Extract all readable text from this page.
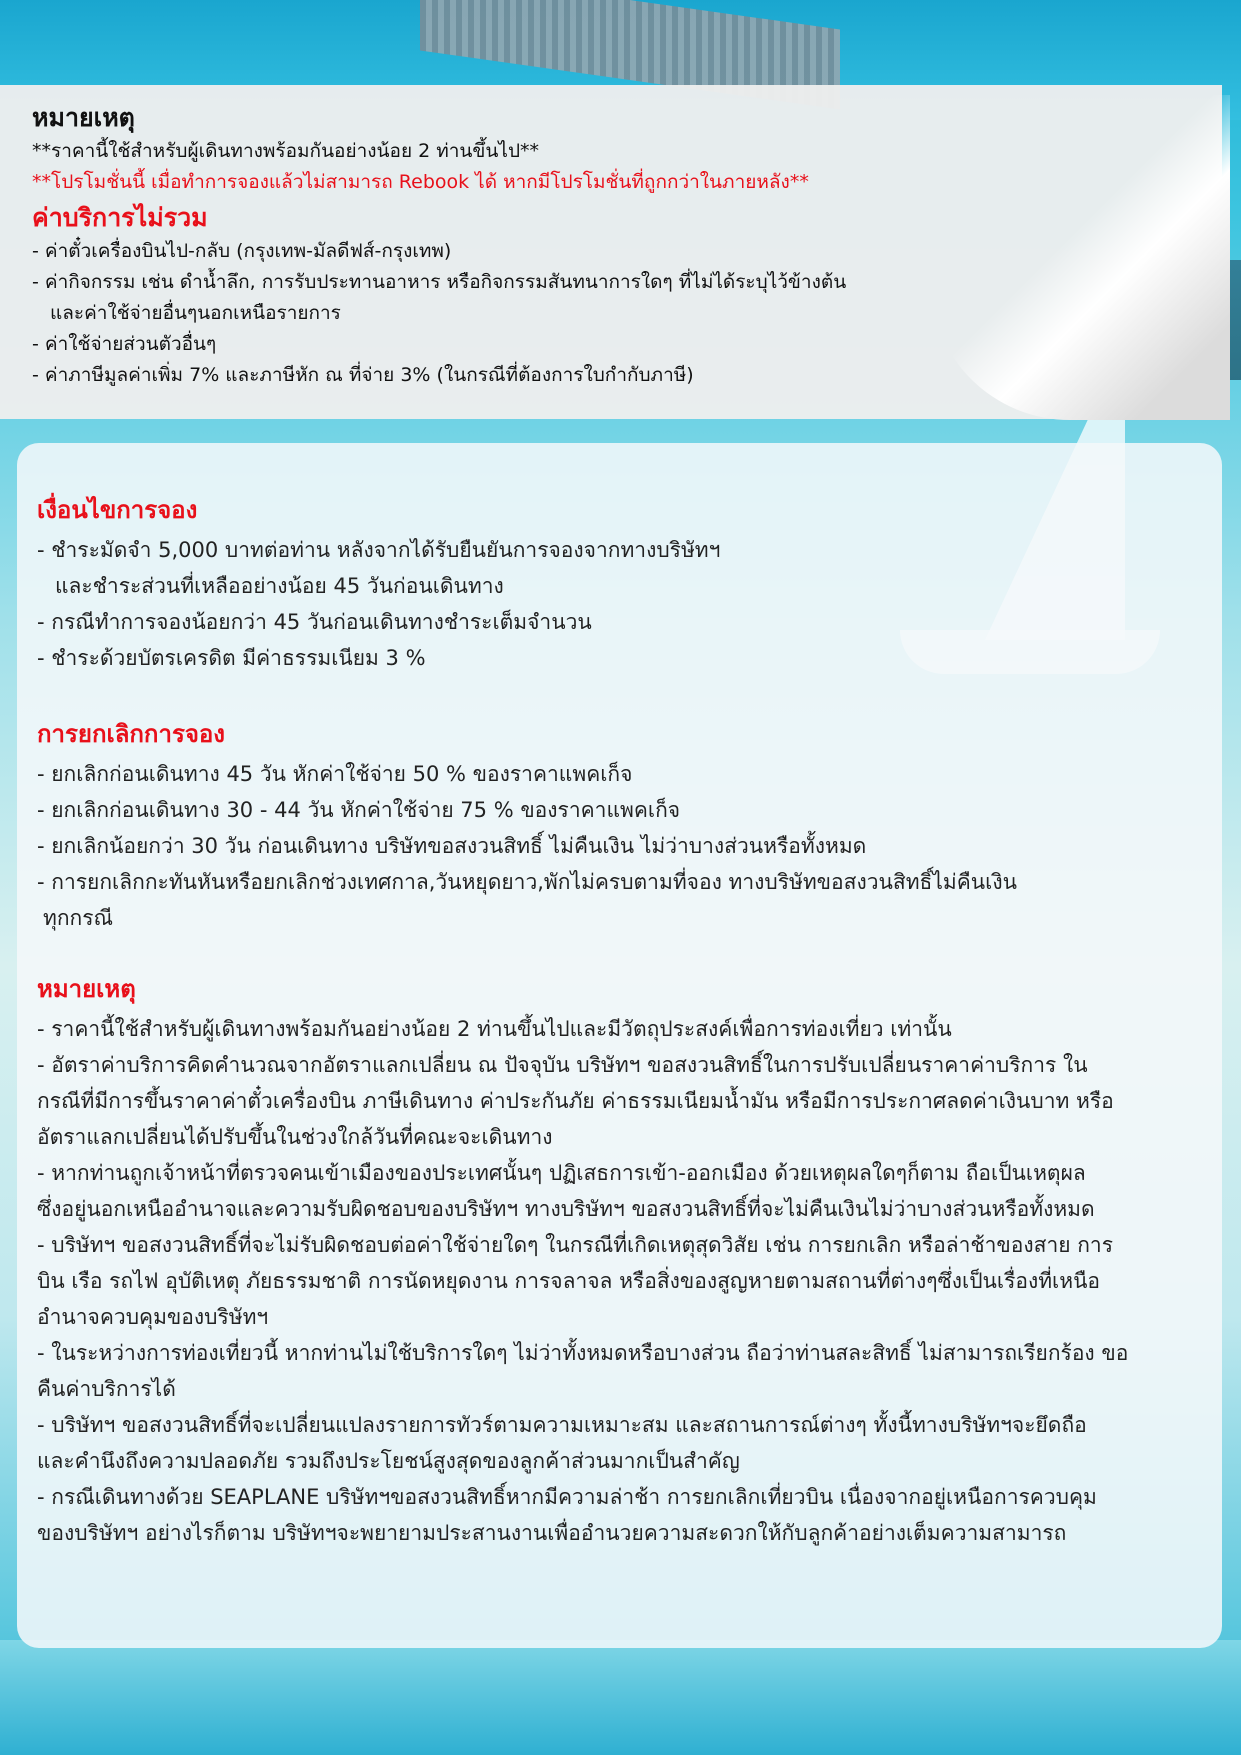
หมายเหตุ
**ราคานี้ใช้สำหรับผู้เดินทางพร้อมกันอย่างน้อย 2 ท่านขึ้นไป**
**โปรโมชั่นนี้ เมื่อทำการจองแล้วไม่สามารถ Rebook ได้ หากมีโปรโมชั่นที่ถูกกว่าในภายหลัง**
ค่าบริการไม่รวม
- ค่าตั๋วเครื่องบินไป-กลับ (กรุงเทพ-มัลดีฟส์-กรุงเทพ)
- ค่ากิจกรรม เช่น ดำน้ำลึก, การรับประทานอาหาร หรือกิจกรรมสันทนาการใดๆ ที่ไม่ได้ระบุไว้ข้างต้น
และค่าใช้จ่ายอื่นๆนอกเหนือรายการ
- ค่าใช้จ่ายส่วนตัวอื่นๆ
- ค่าภาษีมูลค่าเพิ่ม 7% และภาษีหัก ณ ที่จ่าย 3% (ในกรณีที่ต้องการใบกำกับภาษี)
เงื่อนไขการจอง
- ชำระมัดจำ 5,000 บาทต่อท่าน หลังจากได้รับยืนยันการจองจากทางบริษัทฯ
และชำระส่วนที่เหลืออย่างน้อย 45 วันก่อนเดินทาง
- กรณีทำการจองน้อยกว่า 45 วันก่อนเดินทางชำระเต็มจำนวน
- ชำระด้วยบัตรเครดิต มีค่าธรรมเนียม 3 %
การยกเลิกการจอง
- ยกเลิกก่อนเดินทาง 45 วัน หักค่าใช้จ่าย 50 % ของราคาแพคเก็จ
- ยกเลิกก่อนเดินทาง 30 - 44 วัน หักค่าใช้จ่าย 75 % ของราคาแพคเก็จ
- ยกเลิกน้อยกว่า 30 วัน ก่อนเดินทาง บริษัทขอสงวนสิทธิ์ ไม่คืนเงิน ไม่ว่าบางส่วนหรือทั้งหมด
- การยกเลิกกะทันหันหรือยกเลิกช่วงเทศกาล,วันหยุดยาว,พักไม่ครบตามที่จอง ทางบริษัทขอสงวนสิทธิ์ไม่คืนเงิน
ทุกกรณี
หมายเหตุ
- ราคานี้ใช้สำหรับผู้เดินทางพร้อมกันอย่างน้อย 2 ท่านขึ้นไปและมีวัตถุประสงค์เพื่อการท่องเที่ยว เท่านั้น
- อัตราค่าบริการคิดคำนวณจากอัตราแลกเปลี่ยน ณ ปัจจุบัน บริษัทฯ ขอสงวนสิทธิ์ในการปรับเปลี่ยนราคาค่าบริการ ใน
กรณีที่มีการขึ้นราคาค่าตั๋วเครื่องบิน ภาษีเดินทาง ค่าประกันภัย ค่าธรรมเนียมน้ำมัน หรือมีการประกาศลดค่าเงินบาท หรือ
อัตราแลกเปลี่ยนได้ปรับขึ้นในช่วงใกล้วันที่คณะจะเดินทาง
- หากท่านถูกเจ้าหน้าที่ตรวจคนเข้าเมืองของประเทศนั้นๆ ปฏิเสธการเข้า-ออกเมือง ด้วยเหตุผลใดๆก็ตาม ถือเป็นเหตุผล
ซึ่งอยู่นอกเหนืออำนาจและความรับผิดชอบของบริษัทฯ ทางบริษัทฯ ขอสงวนสิทธิ์ที่จะไม่คืนเงินไม่ว่าบางส่วนหรือทั้งหมด
- บริษัทฯ ขอสงวนสิทธิ์ที่จะไม่รับผิดชอบต่อค่าใช้จ่ายใดๆ ในกรณีที่เกิดเหตุสุดวิสัย เช่น การยกเลิก หรือล่าช้าของสาย การ
บิน เรือ รถไฟ อุบัติเหตุ ภัยธรรมชาติ การนัดหยุดงาน การจลาจล หรือสิ่งของสูญหายตามสถานที่ต่างๆซึ่งเป็นเรื่องที่เหนือ
อำนาจควบคุมของบริษัทฯ
- ในระหว่างการท่องเที่ยวนี้ หากท่านไม่ใช้บริการใดๆ ไม่ว่าทั้งหมดหรือบางส่วน ถือว่าท่านสละสิทธิ์ ไม่สามารถเรียกร้อง ขอ
คืนค่าบริการได้
- บริษัทฯ ขอสงวนสิทธิ์ที่จะเปลี่ยนแปลงรายการทัวร์ตามความเหมาะสม และสถานการณ์ต่างๆ ทั้งนี้ทางบริษัทฯจะยึดถือ
และคำนึงถึงความปลอดภัย รวมถึงประโยชน์สูงสุดของลูกค้าส่วนมากเป็นสำคัญ
- กรณีเดินทางด้วย SEAPLANE บริษัทฯขอสงวนสิทธิ์หากมีความล่าช้า การยกเลิกเที่ยวบิน เนื่องจากอยู่เหนือการควบคุม
ของบริษัทฯ อย่างไรก็ตาม บริษัทฯจะพยายามประสานงานเพื่ออำนวยความสะดวกให้กับลูกค้าอย่างเต็มความสามารถ
